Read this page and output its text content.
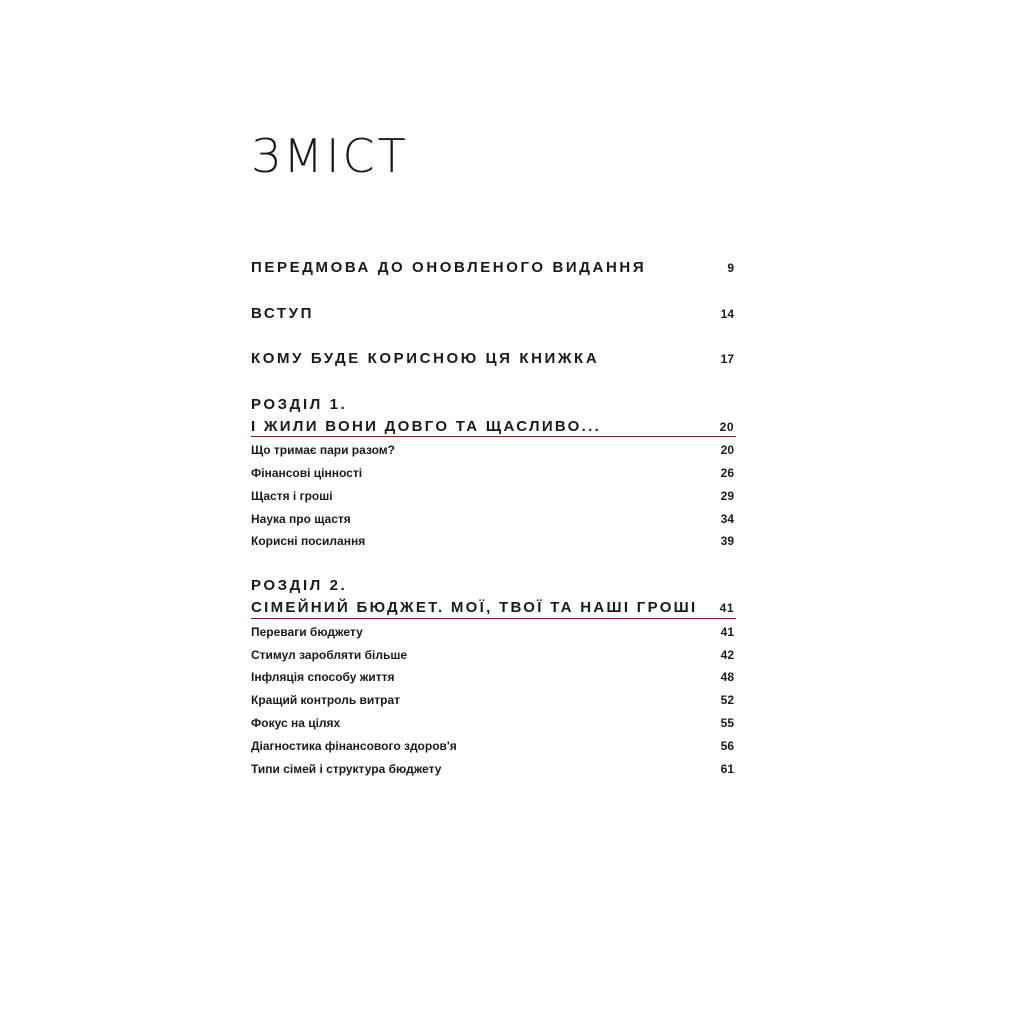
ЗМІСТ
ПЕРЕДМОВА ДО ОНОВЛЕНОГО ВИДАННЯ	9
ВСТУП	14
КОМУ БУДЕ КОРИСНОЮ ЦЯ КНИЖКА	17
РОЗДІЛ 1.
І ЖИЛИ ВОНИ ДОВГО ТА ЩАСЛИВО...	20
Що тримає пари разом?	20
Фінансові цінності	26
Щастя і гроші	29
Наука про щастя	34
Корисні посилання	39
РОЗДІЛ 2.
СІМЕЙНИЙ БЮДЖЕТ. МОЇ, ТВОЇ ТА НАШІ ГРОШІ 41
Переваги бюджету	41
Стимул заробляти більше	42
Інфляція способу життя	48
Кращий контроль витрат	52
Фокус на цілях	55
Діагностика фінансового здоров'я	56
Типи сімей і структура бюджету	61
